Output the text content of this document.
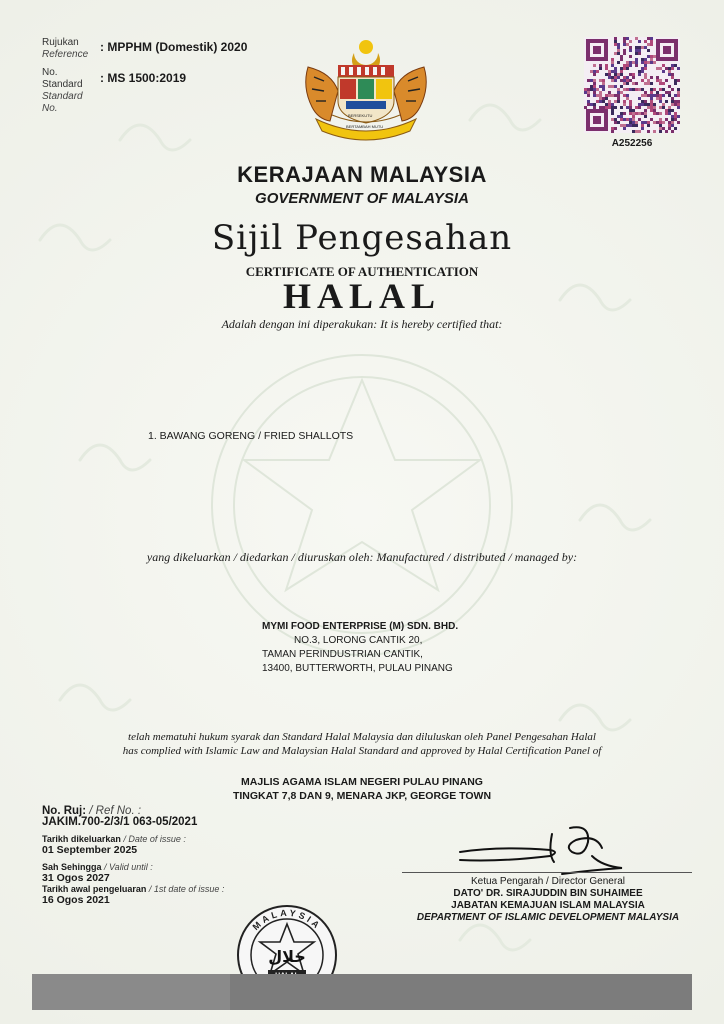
Rujukan
Reference
: MPPHM (Domestik) 2020
No.
Standard
Standard
No.
: MS 1500:2019
BERSEKUTU
BERTAMBAH MUTU
A252256
KERAJAAN MALAYSIA
GOVERNMENT OF MALAYSIA
Sijil Pengesahan
CERTIFICATE OF AUTHENTICATION
HALAL
Adalah dengan ini diperakukan: It is hereby certified that:
1. BAWANG GORENG / FRIED SHALLOTS
yang dikeluarkan / diedarkan / diuruskan oleh: Manufactured / distributed / managed by:
MYMI FOOD ENTERPRISE (M) SDN. BHD.
NO.3, LORONG CANTIK 20,
TAMAN PERINDUSTRIAN CANTIK,
13400, BUTTERWORTH, PULAU PINANG
telah mematuhi hukum syarak dan Standard Halal Malaysia dan diluluskan oleh Panel Pengesahan Halal
has complied with Islamic Law and Malaysian Halal Standard and approved by Halal Certification Panel of
MAJLIS AGAMA ISLAM NEGERI PULAU PINANG
TINGKAT 7,8 DAN 9, MENARA JKP, GEORGE TOWN
No. Ruj: / Ref No. :
JAKIM.700-2/3/1 063-05/2021
Tarikh dikeluarkan / Date of issue :
01 September 2025
Sah Sehingga / Valid until :
31 Ogos 2027
Tarikh awal pengeluaran / 1st date of issue :
16 Ogos 2021
Ketua Pengarah / Director General
DATO' DR. SIRAJUDDIN BIN SUHAIMEE
JABATAN KEMAJUAN ISLAM MALAYSIA
DEPARTMENT OF ISLAMIC DEVELOPMENT MALAYSIA
MALAYSIA
حلال
